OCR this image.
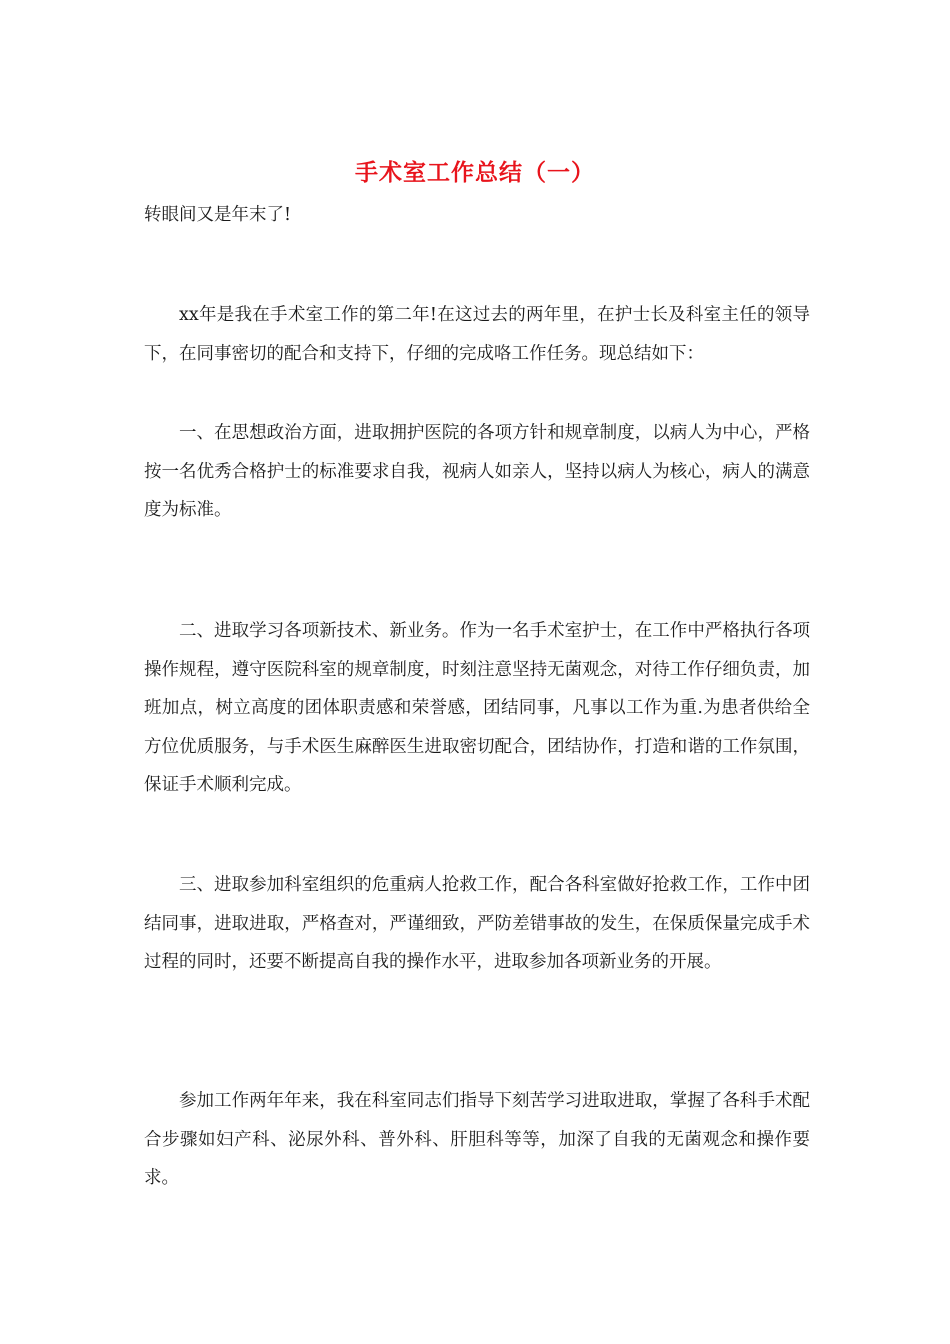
手术室工作总结（一）

转眼间又是年末了!

xx年是我在手术室工作的第二年!在这过去的两年里，在护士长及科室主任的领导下，在同事密切的配合和支持下，仔细的完成咯工作任务。现总结如下：

一、在思想政治方面，进取拥护医院的各项方针和规章制度，以病人为中心，严格按一名优秀合格护士的标准要求自我，视病人如亲人，坚持以病人为核心，病人的满意度为标准。

二、进取学习各项新技术、新业务。作为一名手术室护士，在工作中严格执行各项操作规程，遵守医院科室的规章制度，时刻注意坚持无菌观念，对待工作仔细负责，加班加点，树立高度的团体职责感和荣誉感，团结同事，凡事以工作为重.为患者供给全方位优质服务，与手术医生麻醉医生进取密切配合，团结协作，打造和谐的工作氛围，保证手术顺利完成。

三、进取参加科室组织的危重病人抢救工作，配合各科室做好抢救工作，工作中团结同事，进取进取，严格查对，严谨细致，严防差错事故的发生，在保质保量完成手术过程的同时，还要不断提高自我的操作水平，进取参加各项新业务的开展。

参加工作两年年来，我在科室同志们指导下刻苦学习进取进取，掌握了各科手术配合步骤如妇产科、泌尿外科、普外科、肝胆科等等，加深了自我的无菌观念和操作要求。
